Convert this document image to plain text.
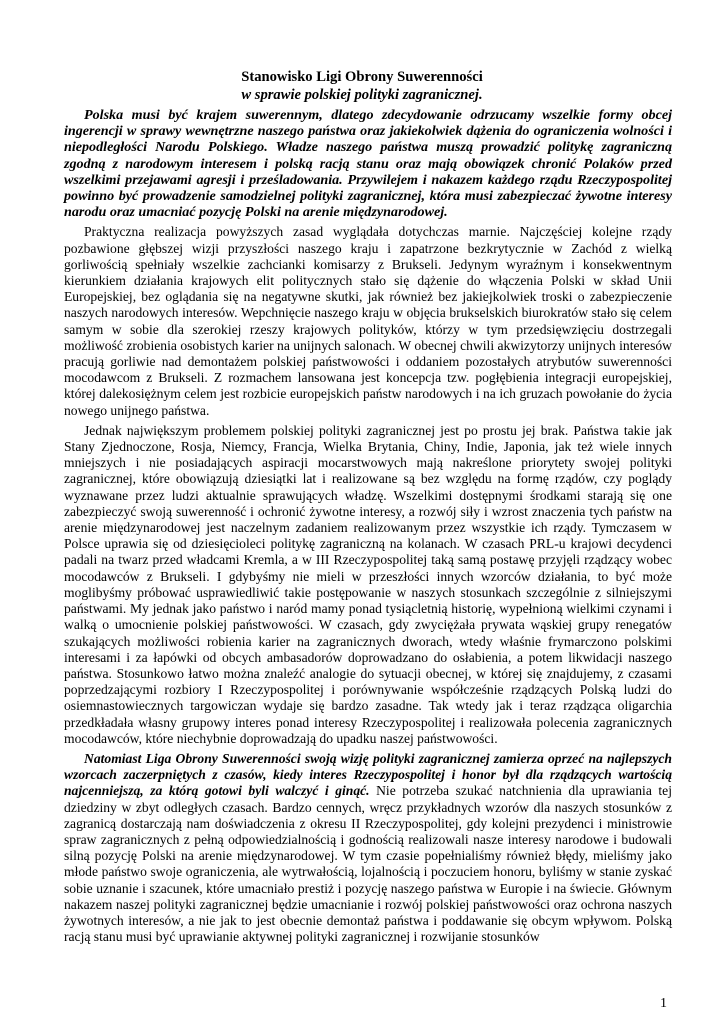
Stanowisko Ligi Obrony Suwerenności
w sprawie polskiej polityki zagranicznej.

Polska musi być krajem suwerennym, dlatego zdecydowanie odrzucamy wszelkie formy obcej ingerencji w sprawy wewnętrzne naszego państwa oraz jakiekolwiek dążenia do ograniczenia wolności i niepodległości Narodu Polskiego. Władze naszego państwa muszą prowadzić politykę zagraniczną zgodną z narodowym interesem i polską racją stanu oraz mają obowiązek chronić Polaków przed wszelkimi przejawami agresji i prześladowania. Przywilejem i nakazem każdego rządu Rzeczypospolitej powinno być prowadzenie samodzielnej polityki zagranicznej, która musi zabezpieczać żywotne interesy narodu oraz umacniać pozycję Polski na arenie międzynarodowej.

Praktyczna realizacja powyższych zasad wyglądała dotychczas marnie. Najczęściej kolejne rządy pozbawione głębszej wizji przyszłości naszego kraju i zapatrzone bezkrytycznie w Zachód z wielką gorliwością spełniały wszelkie zachcianki komisarzy z Brukseli. Jedynym wyraźnym i konsekwentnym kierunkiem działania krajowych elit politycznych stało się dążenie do włączenia Polski w skład Unii Europejskiej, bez oglądania się na negatywne skutki, jak również bez jakiejkolwiek troski o zabezpieczenie naszych narodowych interesów. Wepchnięcie naszego kraju w objęcia brukselskich biurokratów stało się celem samym w sobie dla szerokiej rzeszy krajowych polityków, którzy w tym przedsięwzięciu dostrzegali możliwość zrobienia osobistych karier na unijnych salonach. W obecnej chwili akwizytorzy unijnych interesów pracują gorliwie nad demontażem polskiej państwowości i oddaniem pozostałych atrybutów suwerenności mocodawcom z Brukseli. Z rozmachem lansowana jest koncepcja tzw. pogłębienia integracji europejskiej, której dalekosiężnym celem jest rozbicie europejskich państw narodowych i na ich gruzach powołanie do życia nowego unijnego państwa.

Jednak największym problemem polskiej polityki zagranicznej jest po prostu jej brak. Państwa takie jak Stany Zjednoczone, Rosja, Niemcy, Francja, Wielka Brytania, Chiny, Indie, Japonia, jak też wiele innych mniejszych i nie posiadających aspiracji mocarstwowych mają nakreślone priorytety swojej polityki zagranicznej, które obowiązują dziesiątki lat i realizowane są bez względu na formę rządów, czy poglądy wyznawane przez ludzi aktualnie sprawujących władzę. Wszelkimi dostępnymi środkami starają się one zabezpieczyć swoją suwerenność i ochronić żywotne interesy, a rozwój siły i wzrost znaczenia tych państw na arenie międzynarodowej jest naczelnym zadaniem realizowanym przez wszystkie ich rządy. Tymczasem w Polsce uprawia się od dziesięcioleci politykę zagraniczną na kolanach. W czasach PRL-u krajowi decydenci padali na twarz przed władcami Kremla, a w III Rzeczypospolitej taką samą postawę przyjęli rządzący wobec mocodawców z Brukseli. I gdybyśmy nie mieli w przeszłości innych wzorców działania, to być może moglibyśmy próbować usprawiedliwić takie postępowanie w naszych stosunkach szczególnie z silniejszymi państwami. My jednak jako państwo i naród mamy ponad tysiącletnią historię, wypełnioną wielkimi czynami i walką o umocnienie polskiej państwowości. W czasach, gdy zwyciężała prywata wąskiej grupy renegatów szukających możliwości robienia karier na zagranicznych dworach, wtedy właśnie frymarczono polskimi interesami i za łapówki od obcych ambasadorów doprowadzano do osłabienia, a potem likwidacji naszego państwa. Stosunkowo łatwo można znaleźć analogie do sytuacji obecnej, w której się znajdujemy, z czasami poprzedzającymi rozbiory I Rzeczypospolitej i porównywanie współcześnie rządzących Polską ludzi do osiemnastowiecznych targowiczan wydaje się bardzo zasadne. Tak wtedy jak i teraz rządząca oligarchia przedkładała własny grupowy interes ponad interesy Rzeczypospolitej i realizowała polecenia zagranicznych mocodawców, które niechybnie doprowadzają do upadku naszej państwowości.

Natomiast Liga Obrony Suwerenności swoją wizję polityki zagranicznej zamierza oprzeć na najlepszych wzorcach zaczerpniętych z czasów, kiedy interes Rzeczypospolitej i honor był dla rządzących wartością najcenniejszą, za którą gotowi byli walczyć i ginąć. Nie potrzeba szukać natchnienia dla uprawiania tej dziedziny w zbyt odległych czasach. Bardzo cennych, wręcz przykładnych wzorów dla naszych stosunków z zagranicą dostarczają nam doświadczenia z okresu II Rzeczypospolitej, gdy kolejni prezydenci i ministrowie spraw zagranicznych z pełną odpowiedzialnością i godnością realizowali nasze interesy narodowe i budowali silną pozycję Polski na arenie międzynarodowej. W tym czasie popełnialiśmy również błędy, mieliśmy jako młode państwo swoje ograniczenia, ale wytrwałością, lojalnością i poczuciem honoru, byliśmy w stanie zyskać sobie uznanie i szacunek, które umacniało prestiż i pozycję naszego państwa w Europie i na świecie. Głównym nakazem naszej polityki zagranicznej będzie umacnianie i rozwój polskiej państwowości oraz ochrona naszych żywotnych interesów, a nie jak to jest obecnie demontaż państwa i poddawanie się obcym wpływom. Polską racją stanu musi być uprawianie aktywnej polityki zagranicznej i rozwijanie stosunków

1
